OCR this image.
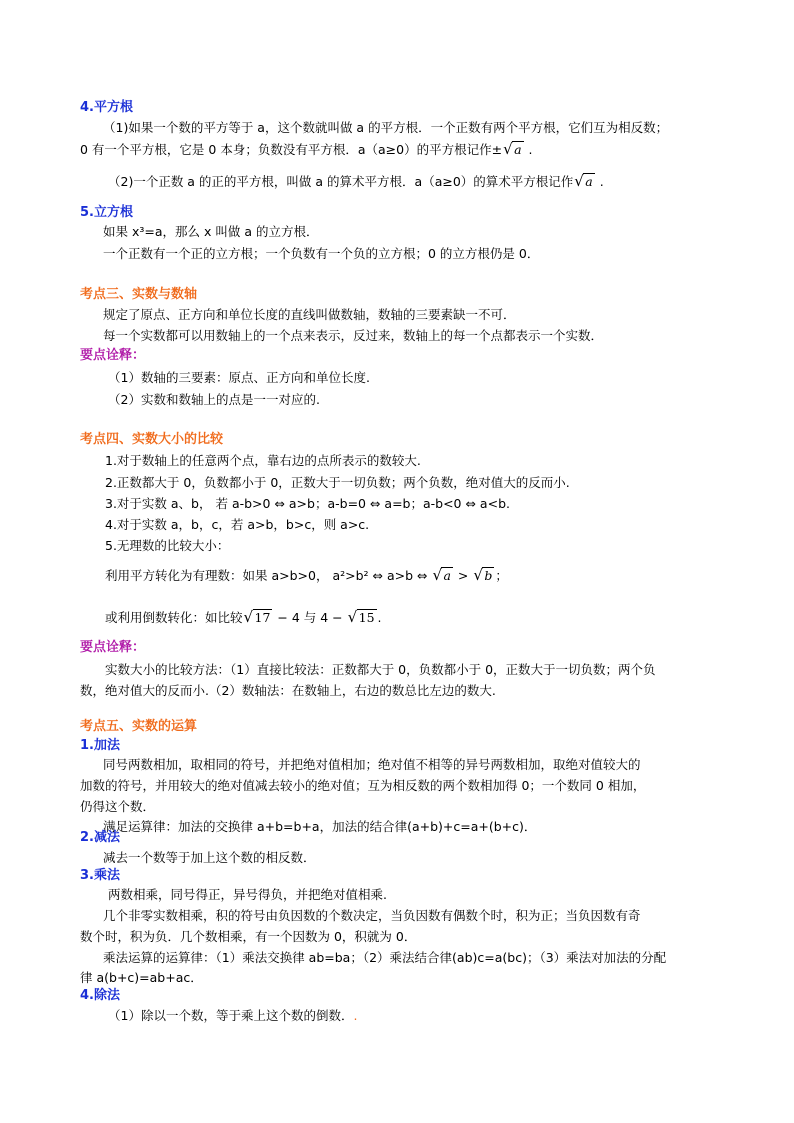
4.平方根
（1)如果一个数的平方等于 a，这个数就叫做 a 的平方根．一个正数有两个平方根，它们互为相反数；
0 有一个平方根，它是 0 本身；负数没有平方根．a（a≥0）的平方根记作± √ a .
（2)一个正数 a 的正的平方根，叫做 a 的算术平方根．a（a≥0）的算术平方根记作 √ a .
5.立方根
如果 x³=a，那么 x 叫做 a 的立方根．
一个正数有一个正的立方根；一个负数有一个负的立方根；0 的立方根仍是 0．
考点三、实数与数轴
规定了原点、正方向和单位长度的直线叫做数轴，数轴的三要素缺一不可．
每一个实数都可以用数轴上的一个点来表示，反过来，数轴上的每一个点都表示一个实数．
要点诠释：
（1）数轴的三要素：原点、正方向和单位长度.
（2）实数和数轴上的点是一一对应的.
考点四、实数大小的比较
1.对于数轴上的任意两个点，靠右边的点所表示的数较大.
2.正数都大于 0，负数都小于 0，正数大于一切负数；两个负数，绝对值大的反而小.
3.对于实数 a、b， 若 a-b>0 ⇔ a>b；a-b=0 ⇔ a=b；a-b<0 ⇔ a<b.
4.对于实数 a，b，c，若 a>b，b>c，则 a>c.
5.无理数的比较大小：
利用平方转化为有理数：如果 a>b>0， a²>b² ⇔ a>b ⇔ √ a > √ b ；
或利用倒数转化：如比较 √ 17 − 4 与 4 − √ 15 .
要点诠释：
实数大小的比较方法：（1）直接比较法：正数都大于 0，负数都小于 0，正数大于一切负数；两个负
数，绝对值大的反而小.（2）数轴法：在数轴上，右边的数总比左边的数大.
考点五、实数的运算
1.加法
同号两数相加，取相同的符号，并把绝对值相加；绝对值不相等的异号两数相加，取绝对值较大的
加数的符号，并用较大的绝对值减去较小的绝对值；互为相反数的两个数相加得 0；一个数同 0 相加，
仍得这个数．
满足运算律：加法的交换律 a+b=b+a，加法的结合律(a+b)+c=a+(b+c)．
2.减法
减去一个数等于加上这个数的相反数．
3.乘法
两数相乘，同号得正，异号得负，并把绝对值相乘.
几个非零实数相乘，积的符号由负因数的个数决定，当负因数有偶数个时，积为正；当负因数有奇
数个时，积为负．几个数相乘，有一个因数为 0，积就为 0．
乘法运算的运算律：（1）乘法交换律 ab=ba；（2）乘法结合律(ab)c=a(bc)；（3）乘法对加法的分配
律 a(b+c)=ab+ac．
4.除法
（1）除以一个数，等于乘上这个数的倒数．.
